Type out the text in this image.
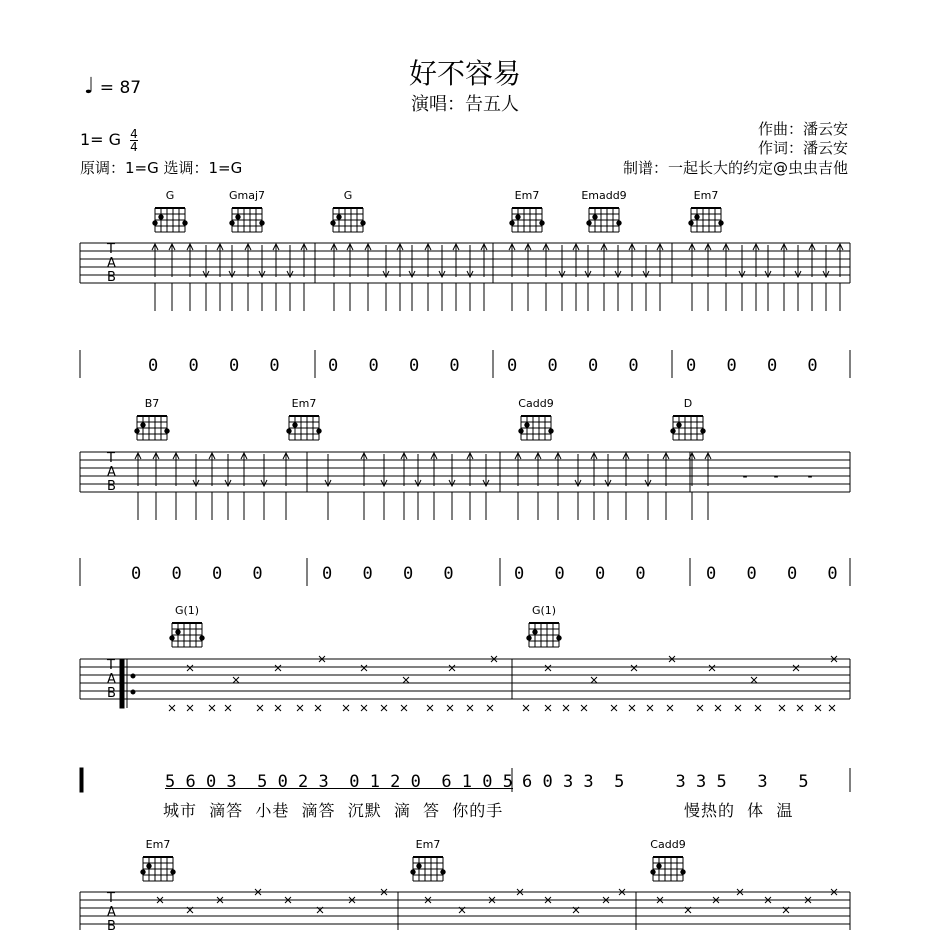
好不容易
演唱：告五人
♩ = 87
1= G $\frac{4}{4}$
原调：1=G 选调：1=G
作曲：潘云安
作词：潘云安
制谱：一起长大的约定@虫虫吉他
G	Gmaj7	G	Em7	Emadd9	Em7
B7	Em7	Cadd9	D
G(1)	G(1)
Em7	Em7	Cadd9
0 0 0 0 0 0 0 0 0 0 0 0 0 0 0 0
0 0 0 0	0 0 0 0	0 0 0 0	0 0 0 0
5 6 0 3  5 0 2 3  0 1 2 0  6 1 0 5 6 0 3 3  5     3 3 5   3   5
城市  滴答  小巷  滴答  沉默  滴  答  你的手	慢热的  体  温
T
A
B
T
A
B
- - -
T
A
B
T
A
B
